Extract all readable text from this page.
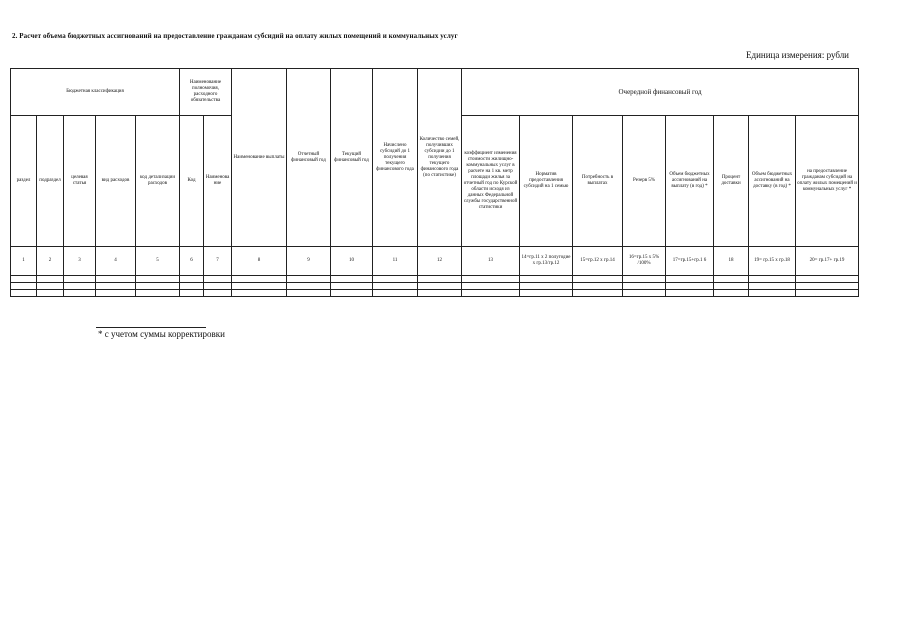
2. Расчет объема бюджетных ассигнований на предоставление гражданам субсидий на оплату жилых помещений и коммунальных услуг
Единица измерения: рубли
Бюджетная классификация					Наименование полномочия, расходного обязательства		Наименование выплаты	Отчетный финансовый год	Текущий финансовый год	Начислено субсидий до 1 получения текущего финансового года	Количество семей, получивших субсидии до 1 получения текущего финансового года (по статистике)	Очередной финансовый год							
раздел	подраздел	целевая статья	вид расходов	код детализации расходов	Код	Наименование						коэффициент изменения стоимости жилищно-коммунальных услуг в расчете на 1 кв. метр площади жилья за отчетный год по Курской области исходя из данных Федеральной службы государственной статистики	Норматив предоставления субсидий на 1 семью	Потребность в выплатах	Резерв 5%	Объем бюджетных ассигнований на выплату (в год) *	Процент доставки	Объем бюджетных ассигнований на доставку (в год) *	на предоставление гражданам субсидий на оплату жилых помещений и коммунальных услуг *
1	2	3	4	5	6	7	8	9	10	11	12	13	14=гр.11 х 2 полугодие х гр.13/гр.12	15=гр.12 х гр.14	16=гр.15 х 5% /100%	17=гр.15+гр.1 6	18	19= гр.15 х гр.18	20= гр.17+ гр.19

* с учетом суммы корректировки
